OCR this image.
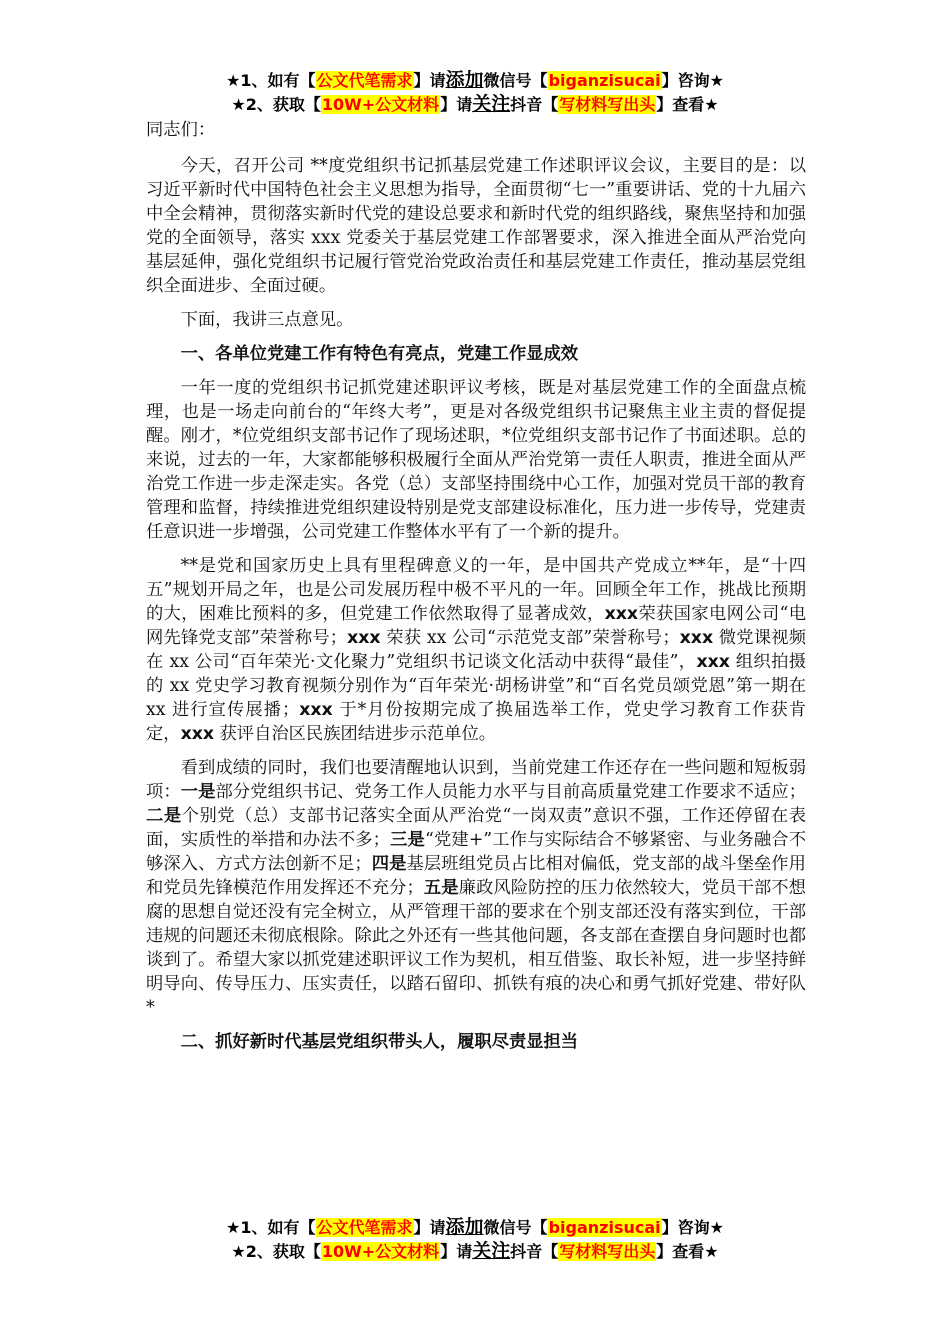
★1、如有【公文代笔需求】请添加微信号【biganzisucai】咨询★
★2、获取【10W+公文材料】请关注抖音【写材料写出头】查看★
同志们：

今天，召开公司 **度党组织书记抓基层党建工作述职评议会议，主要目的是：以习近平新时代中国特色社会主义思想为指导，全面贯彻“七一”重要讲话、党的十九届六中全会精神，贯彻落实新时代党的建设总要求和新时代党的组织路线，聚焦坚持和加强党的全面领导，落实 xxx 党委关于基层党建工作部署要求，深入推进全面从严治党向基层延伸，强化党组织书记履行管党治党政治责任和基层党建工作责任，推动基层党组织全面进步、全面过硬。

下面，我讲三点意见。

一、各单位党建工作有特色有亮点，党建工作显成效

一年一度的党组织书记抓党建述职评议考核，既是对基层党建工作的全面盘点梳理，也是一场走向前台的“年终大考”，更是对各级党组织书记聚焦主业主责的督促提醒。刚才，*位党组织支部书记作了现场述职，*位党组织支部书记作了书面述职。总的来说，过去的一年，大家都能够积极履行全面从严治党第一责任人职责，推进全面从严治党工作进一步走深走实。各党（总）支部坚持围绕中心工作，加强对党员干部的教育管理和监督，持续推进党组织建设特别是党支部建设标准化，压力进一步传导，党建责任意识进一步增强，公司党建工作整体水平有了一个新的提升。

**是党和国家历史上具有里程碑意义的一年，是中国共产党成立**年，是“十四五”规划开局之年，也是公司发展历程中极不平凡的一年。回顾全年工作，挑战比预期的大，困难比预料的多，但党建工作依然取得了显著成效，xxx荣获国家电网公司“电网先锋党支部”荣誉称号；xxx 荣获 xx 公司“示范党支部”荣誉称号；xxx 微党课视频在 xx 公司“百年荣光·文化聚力”党组织书记谈文化活动中获得“最佳”，xxx 组织拍摄的 xx 党史学习教育视频分别作为“百年荣光·胡杨讲堂”和“百名党员颂党恩”第一期在 xx 进行宣传展播；xxx 于*月份按期完成了换届选举工作，党史学习教育工作获肯定，xxx 获评自治区民族团结进步示范单位。

看到成绩的同时，我们也要清醒地认识到，当前党建工作还存在一些问题和短板弱项：一是部分党组织书记、党务工作人员能力水平与目前高质量党建工作要求不适应；二是个别党（总）支部书记落实全面从严治党“一岗双责”意识不强，工作还停留在表面，实质性的举措和办法不多；三是“党建+”工作与实际结合不够紧密、与业务融合不够深入、方式方法创新不足；四是基层班组党员占比相对偏低，党支部的战斗堡垒作用和党员先锋模范作用发挥还不充分；五是廉政风险防控的压力依然较大，党员干部不想腐的思想自觉还没有完全树立，从严管理干部的要求在个别支部还没有落实到位，干部违规的问题还未彻底根除。除此之外还有一些其他问题，各支部在查摆自身问题时也都谈到了。希望大家以抓党建述职评议工作为契机，相互借鉴、取长补短，进一步坚持鲜明导向、传导压力、压实责任，以踏石留印、抓铁有痕的决心和勇气抓好党建、带好队*

二、抓好新时代基层党组织带头人，履职尽责显担当
★1、如有【公文代笔需求】请添加微信号【biganzisucai】咨询★
★2、获取【10W+公文材料】请关注抖音【写材料写出头】查看★
